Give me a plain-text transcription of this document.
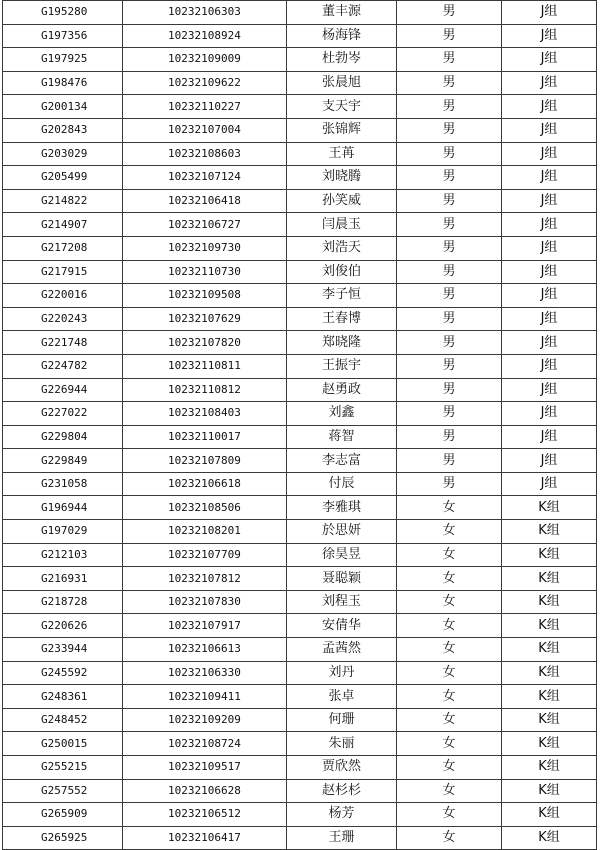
G195280	10232106303	董丰源	男	J组
G197356	10232108924	杨海锋	男	J组
G197925	10232109009	杜勃岑	男	J组
G198476	10232109622	张晨旭	男	J组
G200134	10232110227	支天宇	男	J组
G202843	10232107004	张锦辉	男	J组
G203029	10232108603	王苒	男	J组
G205499	10232107124	刘晓腾	男	J组
G214822	10232106418	孙笑威	男	J组
G214907	10232106727	闫晨玉	男	J组
G217208	10232109730	刘浩天	男	J组
G217915	10232110730	刘俊伯	男	J组
G220016	10232109508	李子恒	男	J组
G220243	10232107629	王春博	男	J组
G221748	10232107820	郑晓隆	男	J组
G224782	10232110811	王振宇	男	J组
G226944	10232110812	赵勇政	男	J组
G227022	10232108403	刘鑫	男	J组
G229804	10232110017	蒋智	男	J组
G229849	10232107809	李志富	男	J组
G231058	10232106618	付辰	男	J组
G196944	10232108506	李雅琪	女	K组
G197029	10232108201	於思妍	女	K组
G212103	10232107709	徐昊昱	女	K组
G216931	10232107812	聂聪颖	女	K组
G218728	10232107830	刘程玉	女	K组
G220626	10232107917	安倩华	女	K组
G233944	10232106613	孟茜然	女	K组
G245592	10232106330	刘丹	女	K组
G248361	10232109411	张卓	女	K组
G248452	10232109209	何珊	女	K组
G250015	10232108724	朱丽	女	K组
G255215	10232109517	贾欣然	女	K组
G257552	10232106628	赵杉杉	女	K组
G265909	10232106512	杨芳	女	K组
G265925	10232106417	王珊	女	K组
